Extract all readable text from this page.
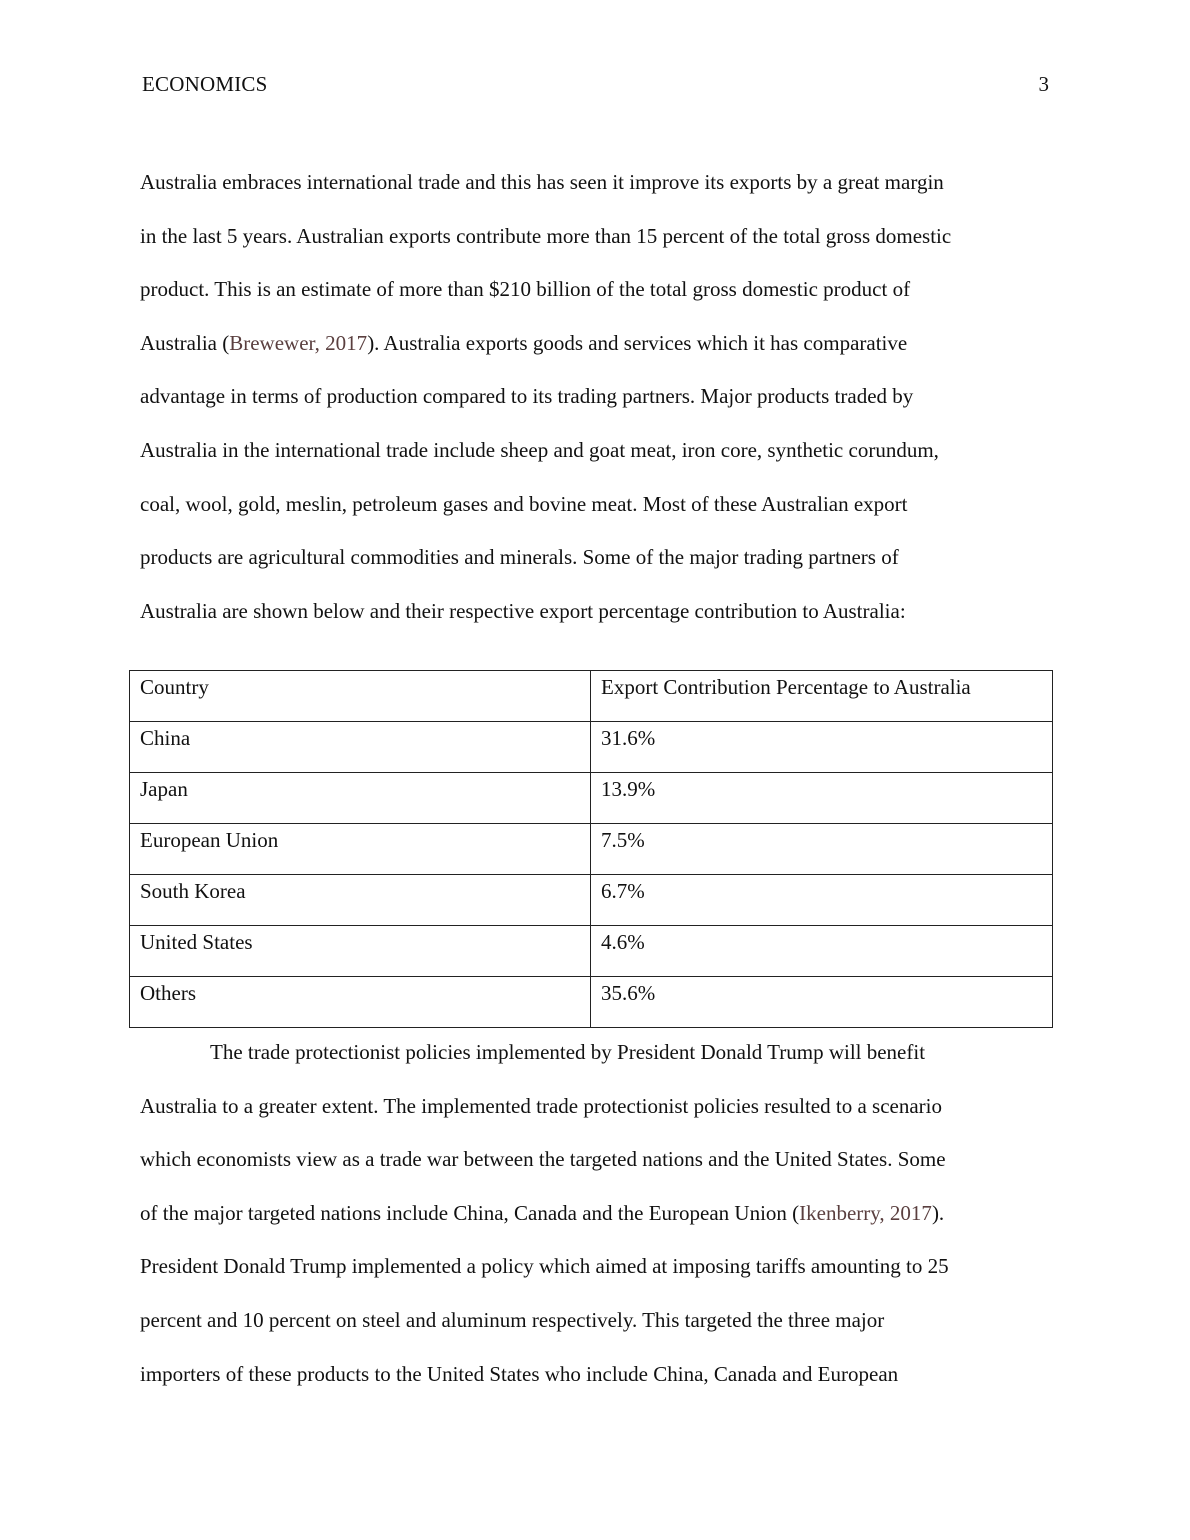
ECONOMICS	3
Australia embraces international trade and this has seen it improve its exports by a great margin
in the last 5 years. Australian exports contribute more than 15 percent of the total gross domestic
product. This is an estimate of more than $210 billion of the total gross domestic product of
Australia (Brewewer, 2017). Australia exports goods and services which it has comparative
advantage in terms of production compared to its trading partners. Major products traded by
Australia in the international trade include sheep and goat meat, iron core, synthetic corundum,
coal, wool, gold, meslin, petroleum gases and bovine meat. Most of these Australian export
products are agricultural commodities and minerals. Some of the major trading partners of
Australia are shown below and their respective export percentage contribution to Australia:
Country	Export Contribution Percentage to Australia
China	31.6%
Japan	13.9%
European Union	7.5%
South Korea	6.7%
United States	4.6%
Others	35.6%
The trade protectionist policies implemented by President Donald Trump will benefit
Australia to a greater extent. The implemented trade protectionist policies resulted to a scenario
which economists view as a trade war between the targeted nations and the United States. Some
of the major targeted nations include China, Canada and the European Union (Ikenberry, 2017).
President Donald Trump implemented a policy which aimed at imposing tariffs amounting to 25
percent and 10 percent on steel and aluminum respectively. This targeted the three major
importers of these products to the United States who include China, Canada and European
